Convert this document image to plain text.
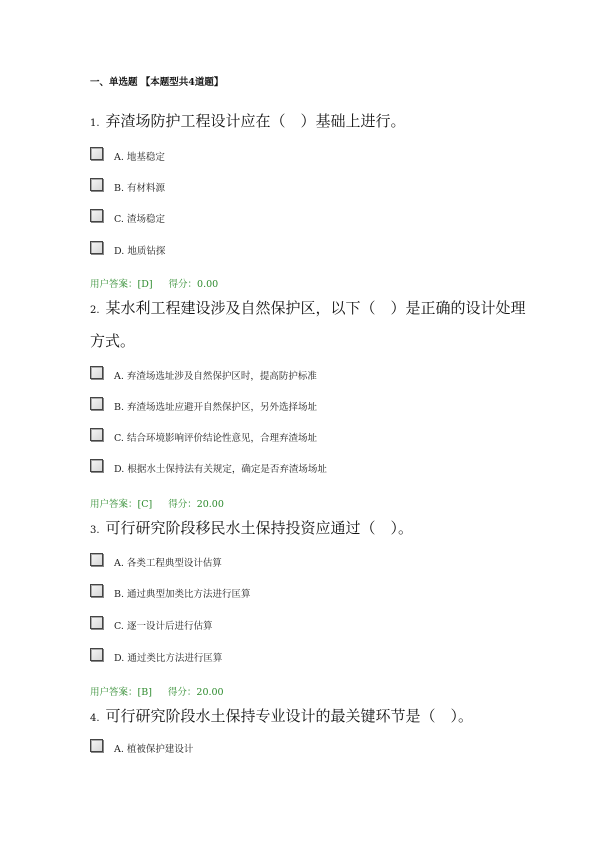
一、单选题 【本题型共4道题】
1. 弃渣场防护工程设计应在（　）基础上进行。
A. 地基稳定
B. 有材料源
C. 渣场稳定
D. 地质钻探
用户答案：[D] 得分：0.00
2. 某水利工程建设涉及自然保护区，以下（　）是正确的设计处理方式。
A. 弃渣场选址涉及自然保护区时，提高防护标准
B. 弃渣场选址应避开自然保护区，另外选择场址
C. 结合环境影响评价结论性意见，合理弃渣场址
D. 根据水土保持法有关规定，确定是否弃渣场场址
用户答案：[C] 得分：20.00
3. 可行研究阶段移民水土保持投资应通过（　）。
A. 各类工程典型设计估算
B. 通过典型加类比方法进行匡算
C. 逐一设计后进行估算
D. 通过类比方法进行匡算
用户答案：[B] 得分：20.00
4. 可行研究阶段水土保持专业设计的最关键环节是（　）。
A. 植被保护建设计
